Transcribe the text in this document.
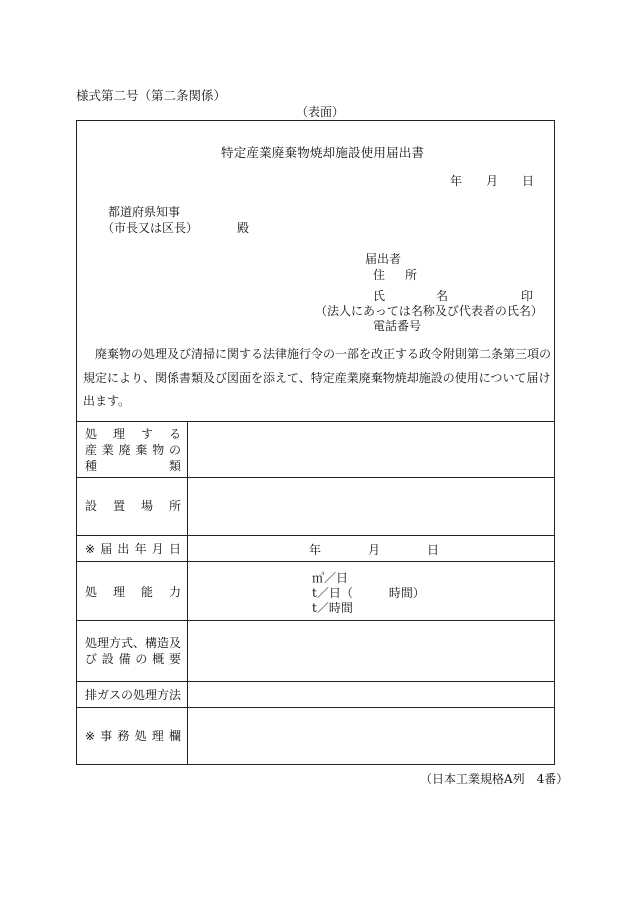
様式第二号（第二条関係）
（表面）
特定産業廃棄物焼却施設使用届出書
年 月 日
都道府県知事
（市長又は区長）	殿
届出者
住　所
氏　　名	印
（法人にあっては名称及び代表者の氏名）
電話番号
廃棄物の処理及び清掃に関する法律施行令の一部を改正する政令附則第二条第三項の規定により、関係書類及び図面を添えて、特定産業廃棄物焼却施設の使用について届け出ます。
処 理 す る
産 業 廃 棄 物 の
種	類
設 置 場 所
※ 届 出 年 月 日	年	月	日
処 理 能 力
㎥／日
t／日（　　　時間）
t／時間
処理方式、構造及
び 設 備 の 概 要
排ガスの処理方法
※ 事 務 処 理 欄
（日本工業規格A列　4番）
